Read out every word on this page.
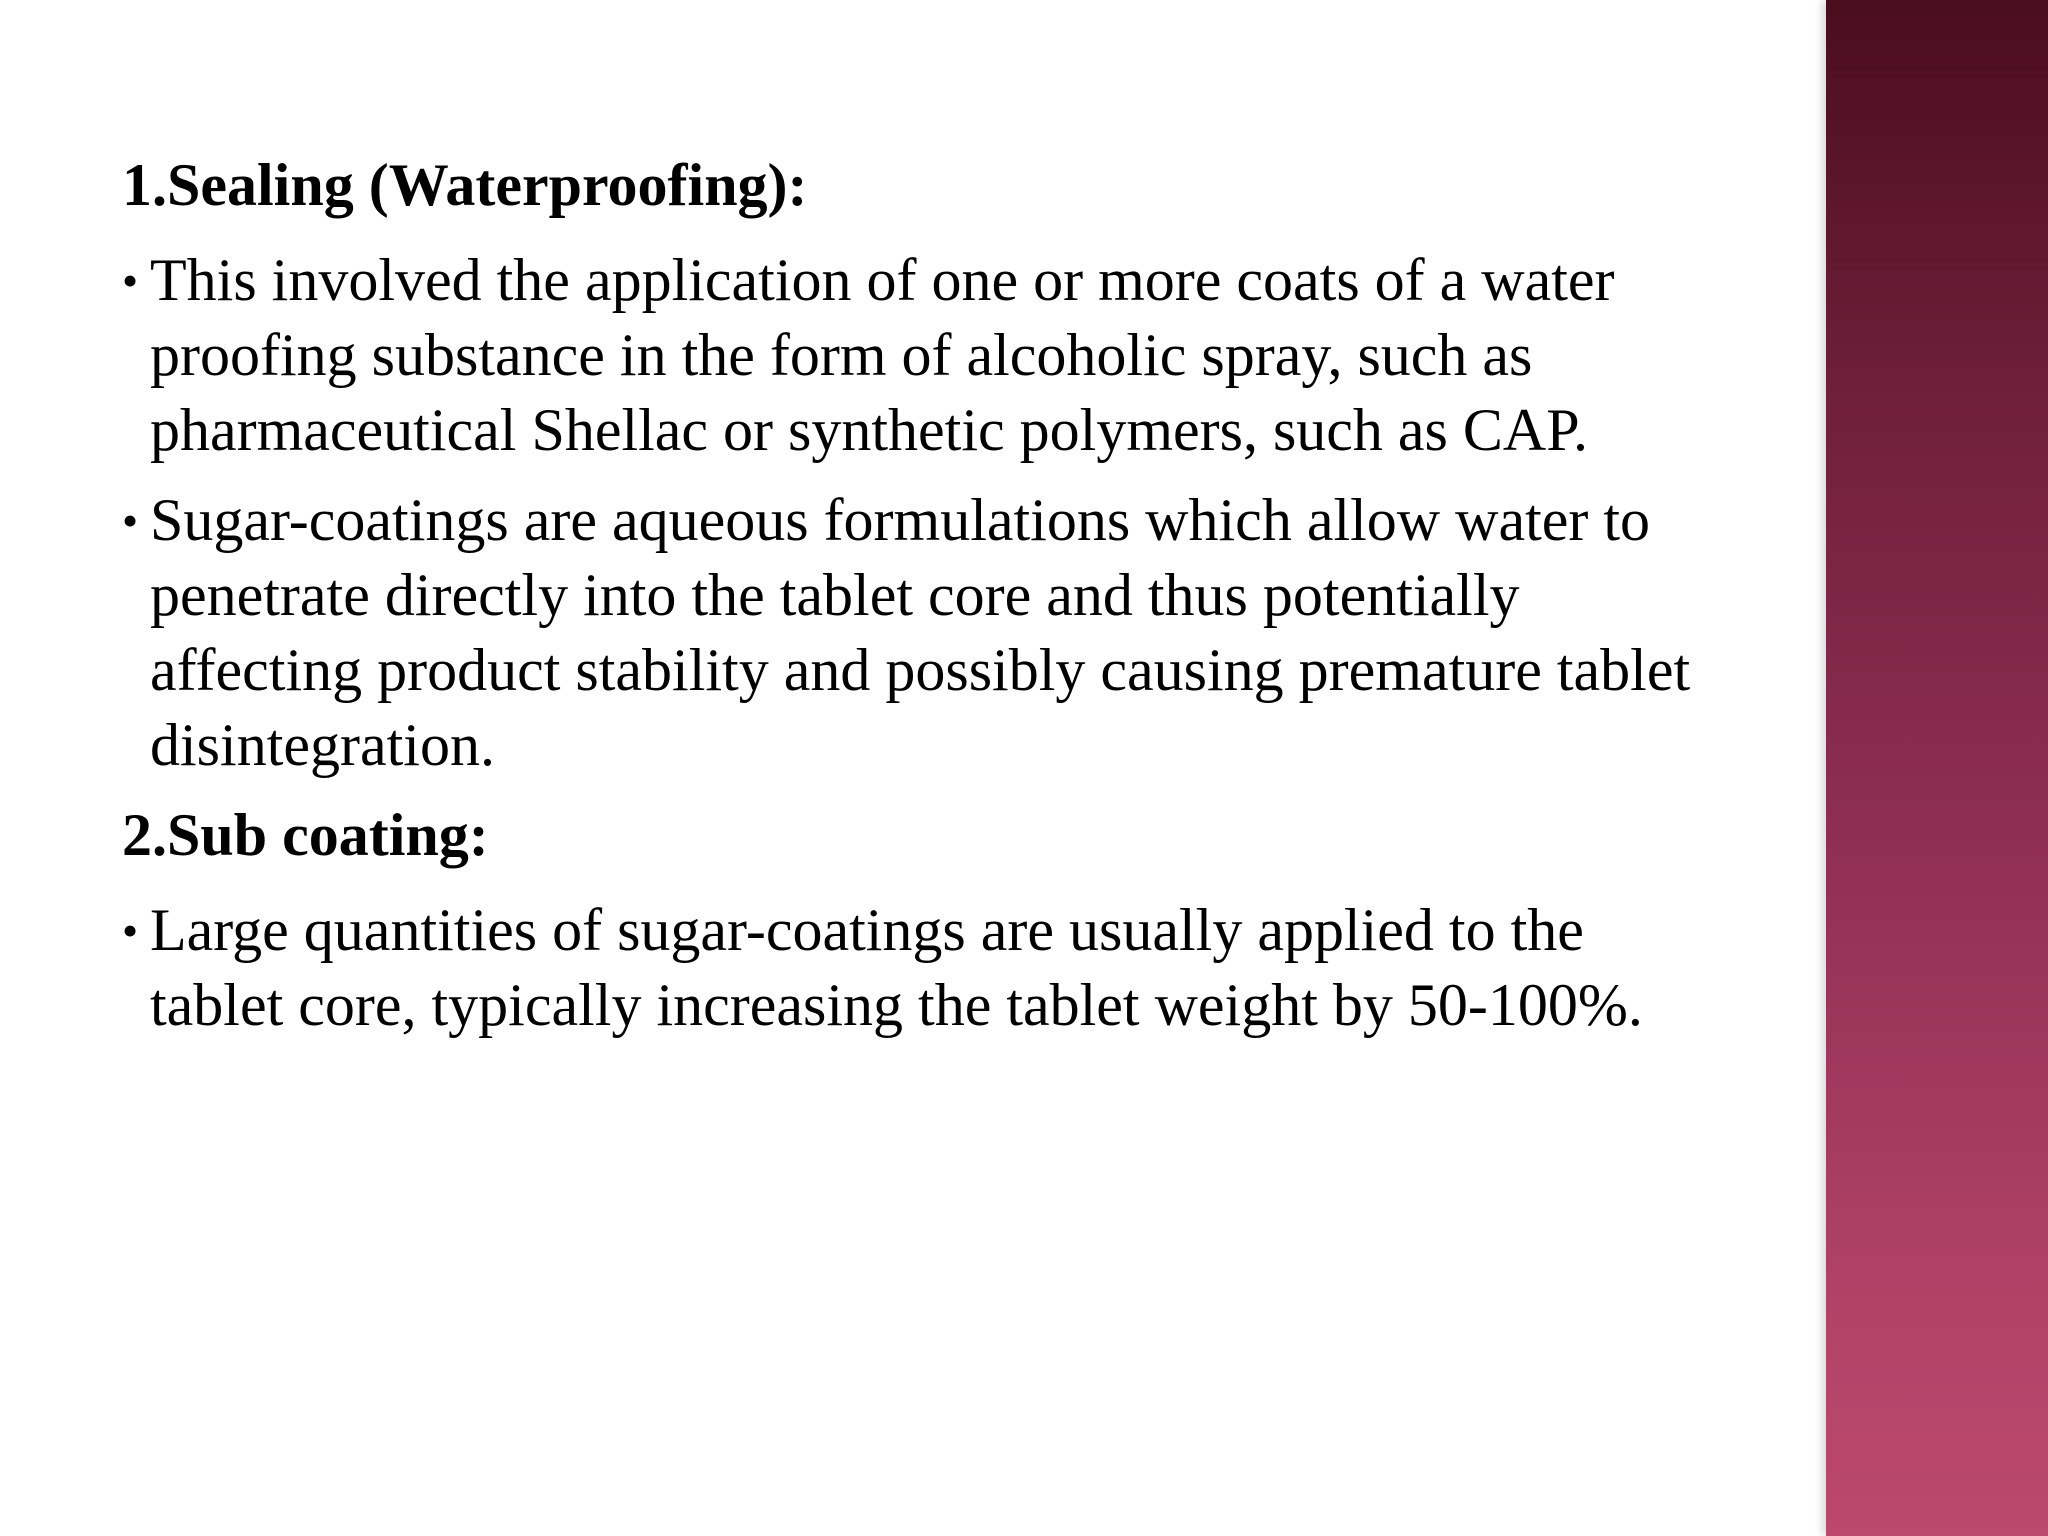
1.Sealing (Waterproofing):

• This involved the application of one or more coats of a water proofing substance in the form of alcoholic spray, such as pharmaceutical Shellac or synthetic polymers, such as CAP.
• Sugar-coatings are aqueous formulations which allow water to penetrate directly into the tablet core and thus potentially affecting product stability and possibly causing premature tablet disintegration.

2.Sub coating:

• Large quantities of sugar-coatings are usually applied to the tablet core, typically increasing the tablet weight by 50-100%.
